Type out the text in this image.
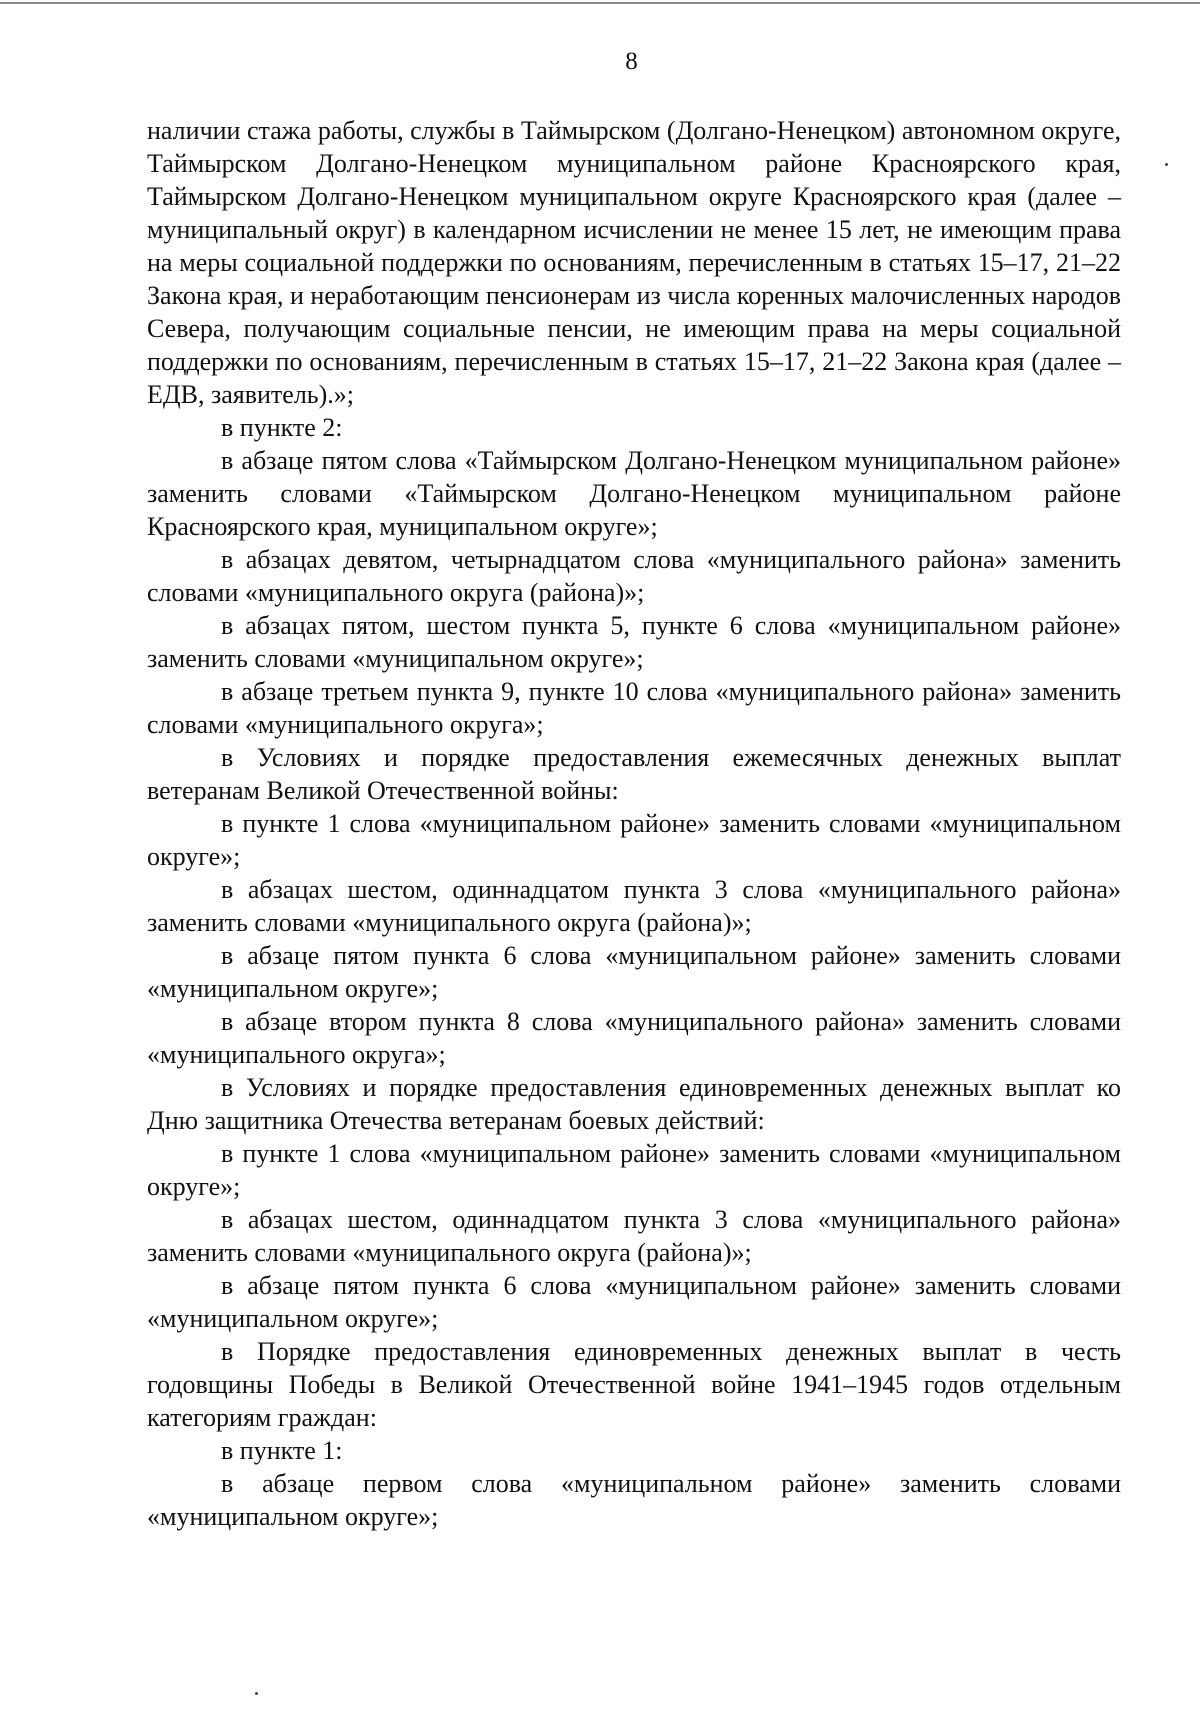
8

наличии стажа работы, службы в Таймырском (Долгано-Ненецком) автономном округе, Таймырском Долгано-Ненецком муниципальном районе Красноярского края, Таймырском Долгано-Ненецком муниципальном округе Красноярского края (далее – муниципальный округ) в календарном исчислении не менее 15 лет, не имеющим права на меры социальной поддержки по основаниям, перечисленным в статьях 15–17, 21–22 Закона края, и неработающим пенсионерам из числа коренных малочисленных народов Севера, получающим социальные пенсии, не имеющим права на меры социальной поддержки по основаниям, перечисленным в статьях 15–17, 21–22 Закона края (далее – ЕДВ, заявитель).»;

в пункте 2:

в абзаце пятом слова «Таймырском Долгано-Ненецком муниципальном районе» заменить словами «Таймырском Долгано-Ненецком муниципальном районе Красноярского края, муниципальном округе»;

в абзацах девятом, четырнадцатом слова «муниципального района» заменить словами «муниципального округа (района)»;

в абзацах пятом, шестом пункта 5, пункте 6 слова «муниципальном районе» заменить словами «муниципальном округе»;

в абзаце третьем пункта 9, пункте 10 слова «муниципального района» заменить словами «муниципального округа»;

в Условиях и порядке предоставления ежемесячных денежных выплат ветеранам Великой Отечественной войны:

в пункте 1 слова «муниципальном районе» заменить словами «муниципальном округе»;

в абзацах шестом, одиннадцатом пункта 3 слова «муниципального района» заменить словами «муниципального округа (района)»;

в абзаце пятом пункта 6 слова «муниципальном районе» заменить словами «муниципальном округе»;

в абзаце втором пункта 8 слова «муниципального района» заменить словами «муниципального округа»;

в Условиях и порядке предоставления единовременных денежных выплат ко Дню защитника Отечества ветеранам боевых действий:

в пункте 1 слова «муниципальном районе» заменить словами «муниципальном округе»;

в абзацах шестом, одиннадцатом пункта 3 слова «муниципального района» заменить словами «муниципального округа (района)»;

в абзаце пятом пункта 6 слова «муниципальном районе» заменить словами «муниципальном округе»;

в Порядке предоставления единовременных денежных выплат в честь годовщины Победы в Великой Отечественной войне 1941–1945 годов отдельным категориям граждан:

в пункте 1:

в абзаце первом слова «муниципальном районе» заменить словами «муниципальном округе»;
